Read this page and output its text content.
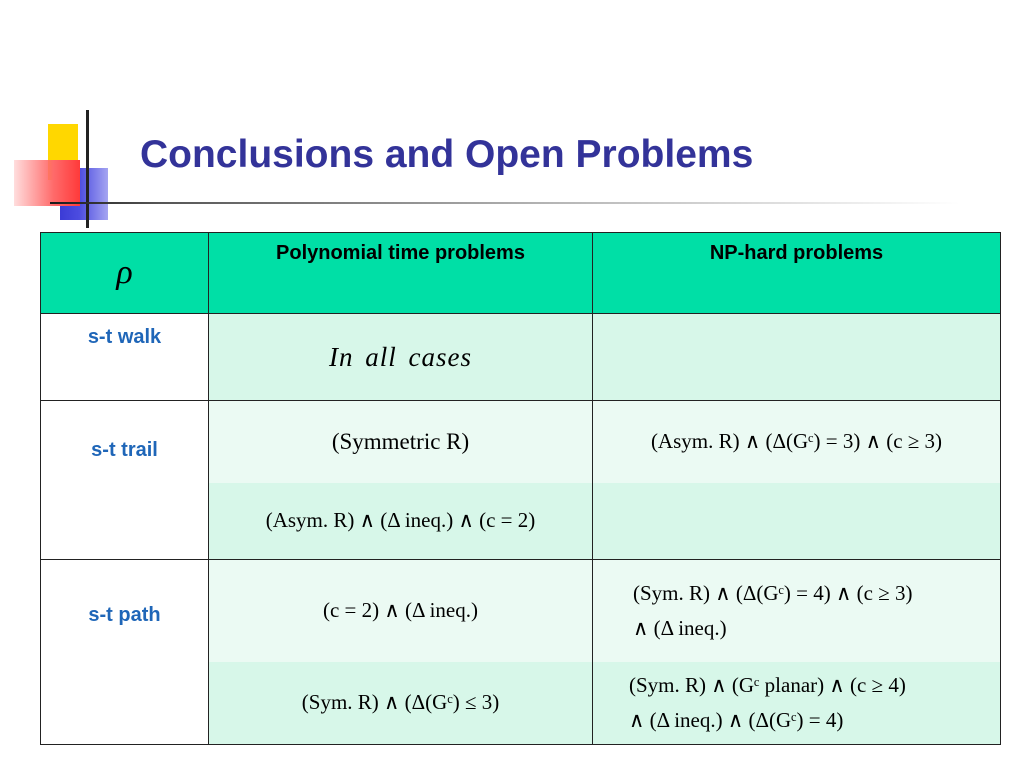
Conclusions and Open Problems
ρ	Polynomial time problems	NP-hard problems
s-t walk	In all cases	
s-t trail	(Symmetric R)	(Asym. R) ∧ (Δ(Gᶜ) = 3) ∧ (c ≥ 3)
	(Asym. R) ∧ (Δ ineq.) ∧ (c = 2)	
s-t path	(c = 2) ∧ (Δ ineq.)	(Sym. R) ∧ (Δ(Gᶜ) = 4) ∧ (c ≥ 3)
∧ (Δ ineq.)

	(Sym. R) ∧ (Δ(Gᶜ) ≤ 3)	(Sym. R) ∧ (Gᶜ planar) ∧ (c ≥ 4)
∧ (Δ ineq.) ∧ (Δ(Gᶜ) = 4)
